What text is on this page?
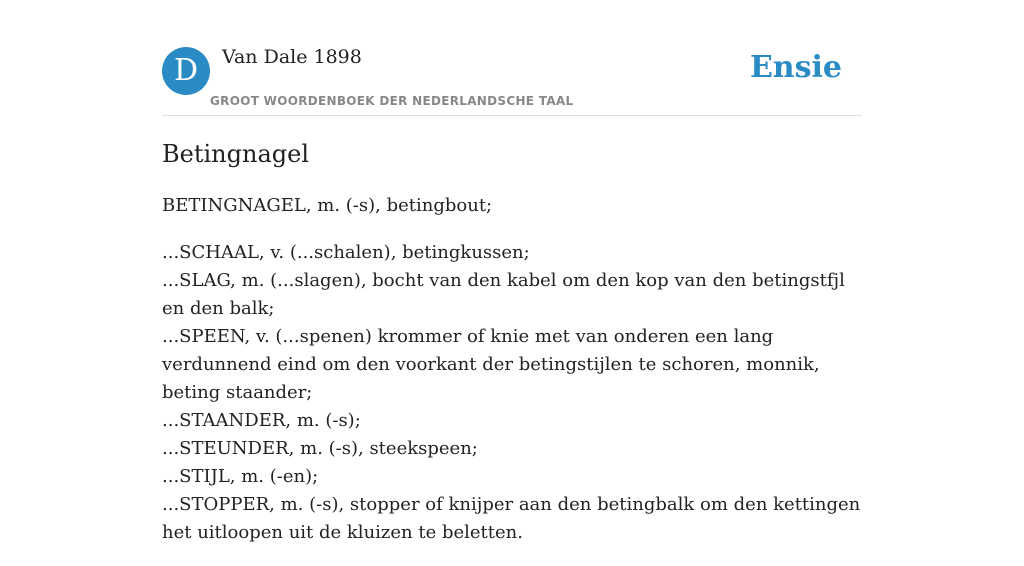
D	Van Dale 1898
GROOT WOORDENBOEK DER NEDERLANDSCHE TAAL
Ensie
Betingnagel

BETINGNAGEL, m. (-s), betingbout;

...SCHAAL, v. (...schalen), betingkussen;
...SLAG, m. (...slagen), bocht van den kabel om den kop van den betingstfjl en den balk;
...SPEEN, v. (...spenen) krommer of knie met van onderen een lang verdunnend eind om den voorkant der betingstijlen te schoren, monnik, beting staander;
...STAANDER, m. (-s);
...STEUNDER, m. (-s), steekspeen;
...STIJL, m. (-en);
...STOPPER, m. (-s), stopper of knijper aan den betingbalk om den kettingen het uitloopen uit de kluizen te beletten.
